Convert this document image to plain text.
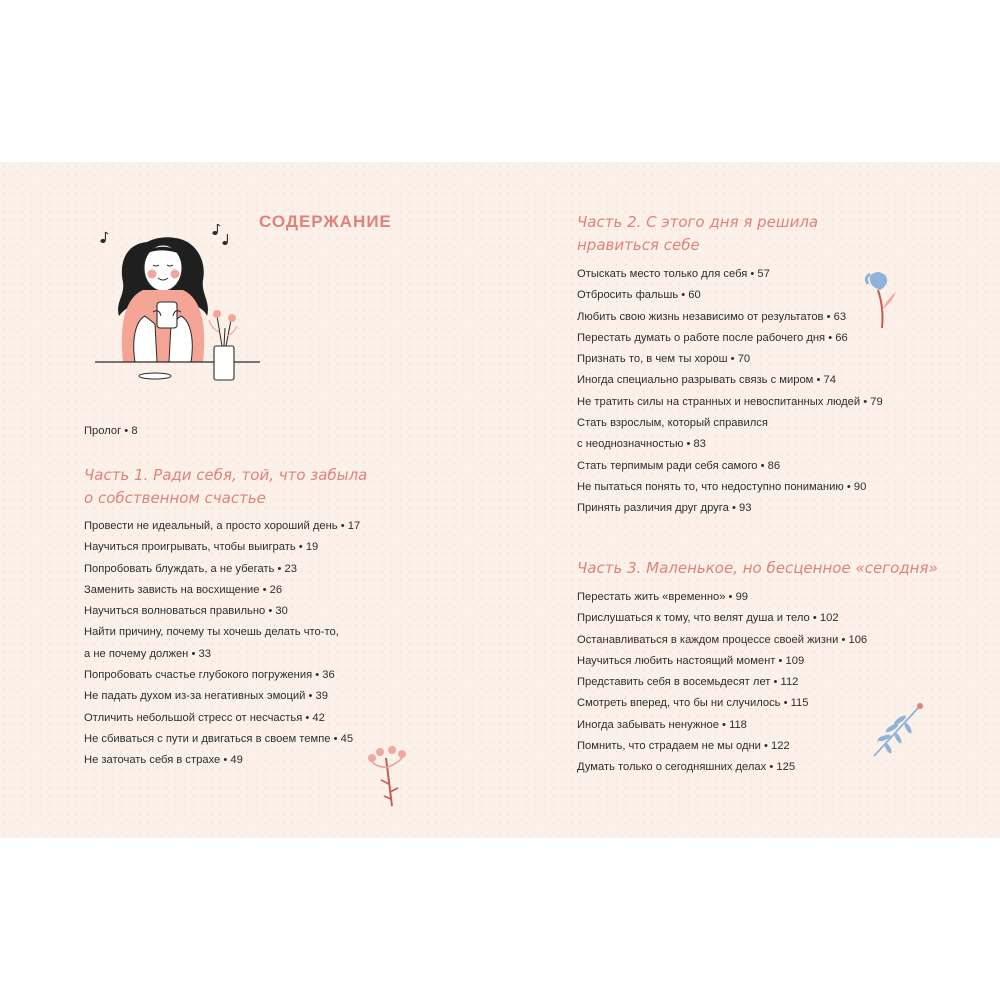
СОДЕРЖАНИЕ
Пролог • 8
Часть 1. Ради себя, той, что забыла
о собственном счастье
Провести не идеальный, а просто хороший день • 17
Научиться проигрывать, чтобы выиграть • 19
Попробовать блуждать, а не убегать • 23
Заменить зависть на восхищение • 26
Научиться волноваться правильно • 30
Найти причину, почему ты хочешь делать что-то,
а не почему должен • 33
Попробовать счастье глубокого погружения • 36
Не падать духом из-за негативных эмоций • 39
Отличить небольшой стресс от несчастья • 42
Не сбиваться с пути и двигаться в своем темпе • 45
Не заточать себя в страхе • 49
Часть 2. С этого дня я решила
нравиться себе
Отыскать место только для себя • 57
Отбросить фальшь • 60
Любить свою жизнь независимо от результатов • 63
Перестать думать о работе после рабочего дня • 66
Признать то, в чем ты хорош • 70
Иногда специально разрывать связь с миром • 74
Не тратить силы на странных и невоспитанных людей • 79
Стать взрослым, который справился
с неоднозначностью • 83
Стать терпимым ради себя самого • 86
Не пытаться понять то, что недоступно пониманию • 90
Принять различия друг друга • 93
Часть 3. Маленькое, но бесценное «сегодня»
Перестать жить «временно» • 99
Прислушаться к тому, что велят душа и тело • 102
Останавливаться в каждом процессе своей жизни • 106
Научиться любить настоящий момент • 109
Представить себя в восемьдесят лет • 112
Смотреть вперед, что бы ни случилось • 115
Иногда забывать ненужное • 118
Помнить, что страдаем не мы одни • 122
Думать только о сегодняшних делах • 125
